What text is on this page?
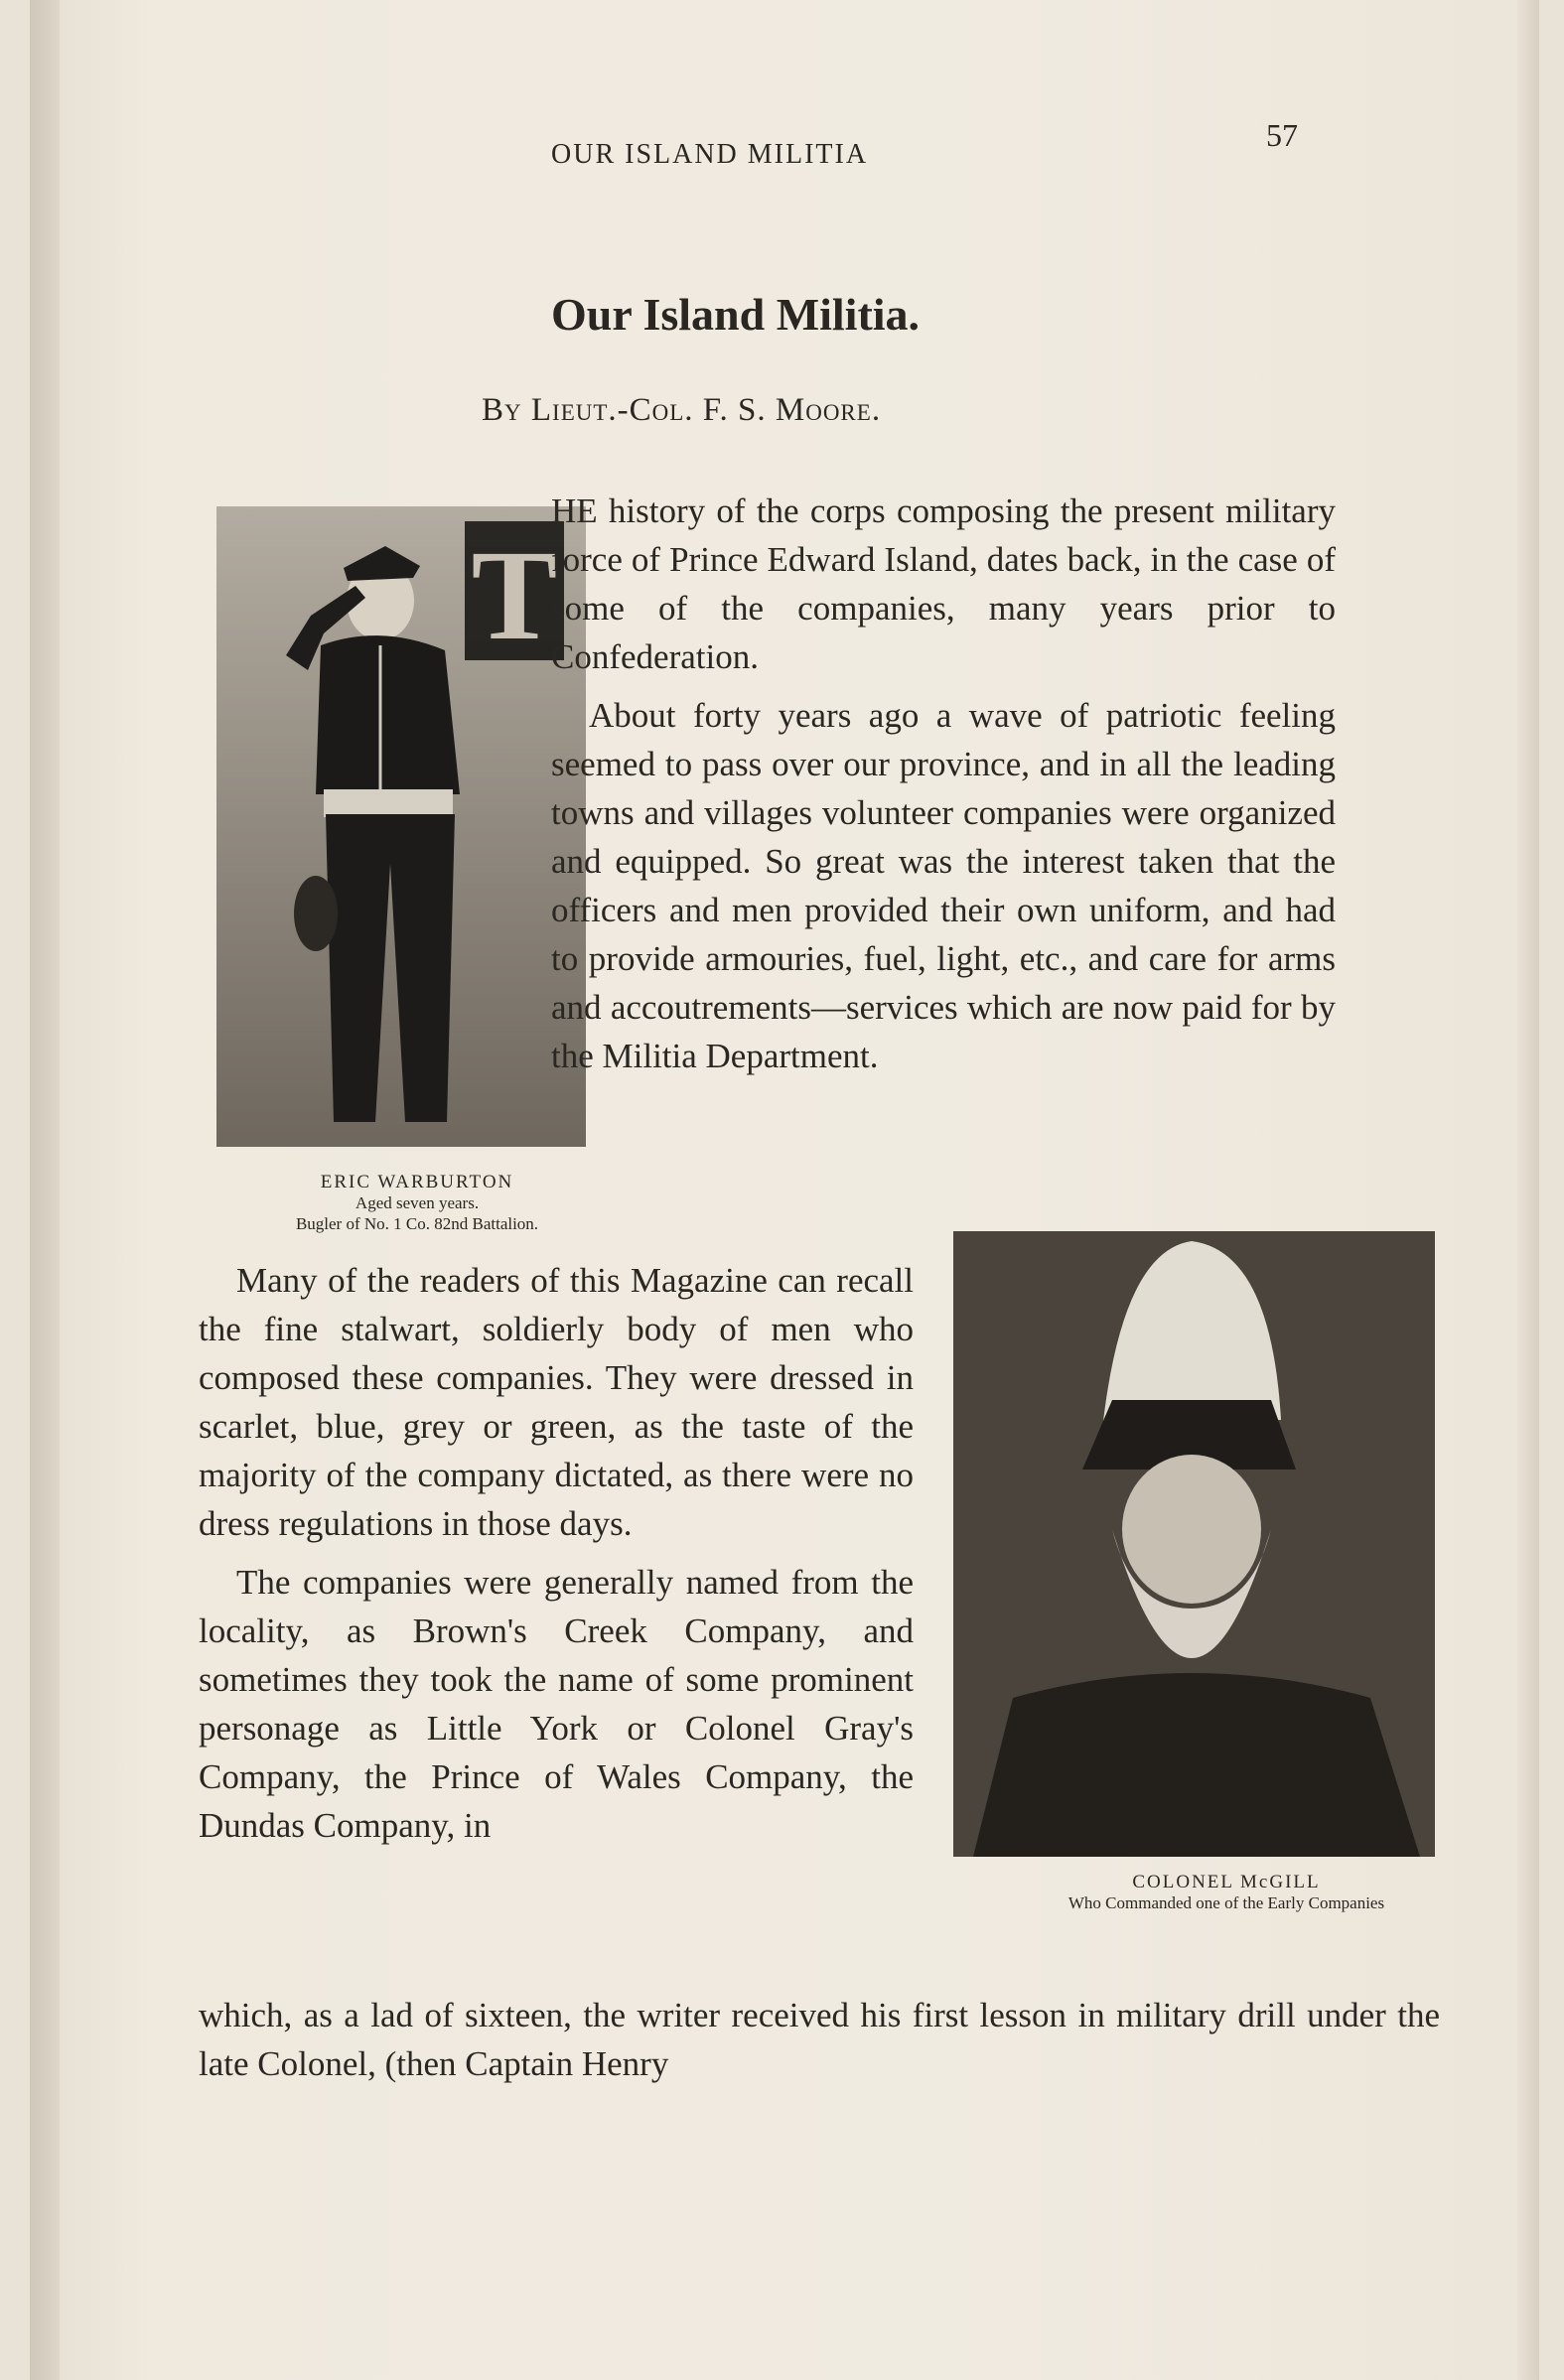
OUR ISLAND MILITIA
57
Our Island Militia.
By Lieut.-Col. F. S. Moore.
T
ERIC WARBURTON
Aged seven years.
Bugler of No. 1 Co. 82nd Battalion.

HE history of the corps composing the present military force of Prince Edward Island, dates back, in the case of some of the companies, many years prior to Confederation.

About forty years ago a wave of patriotic feeling seemed to pass over our province, and in all the leading towns and villages volunteer companies were organized and equipped. So great was the interest taken that the officers and men provided their own uniform, and had to provide armouries, fuel, light, etc., and care for arms and accoutrements—services which are now paid for by the Militia Department.

COLONEL McGILL
Who Commanded one of the Early Companies

Many of the readers of this Magazine can recall the fine stalwart, soldierly body of men who composed these companies. They were dressed in scarlet, blue, grey or green, as the taste of the majority of the company dictated, as there were no dress regulations in those days.

The companies were generally named from the locality, as Brown's Creek Company, and sometimes they took the name of some prominent personage as Little York or Colonel Gray's Company, the Prince of Wales Company, the Dundas Company, in

which, as a lad of sixteen, the writer received his first lesson in military drill under the late Colonel, (then Captain Henry
